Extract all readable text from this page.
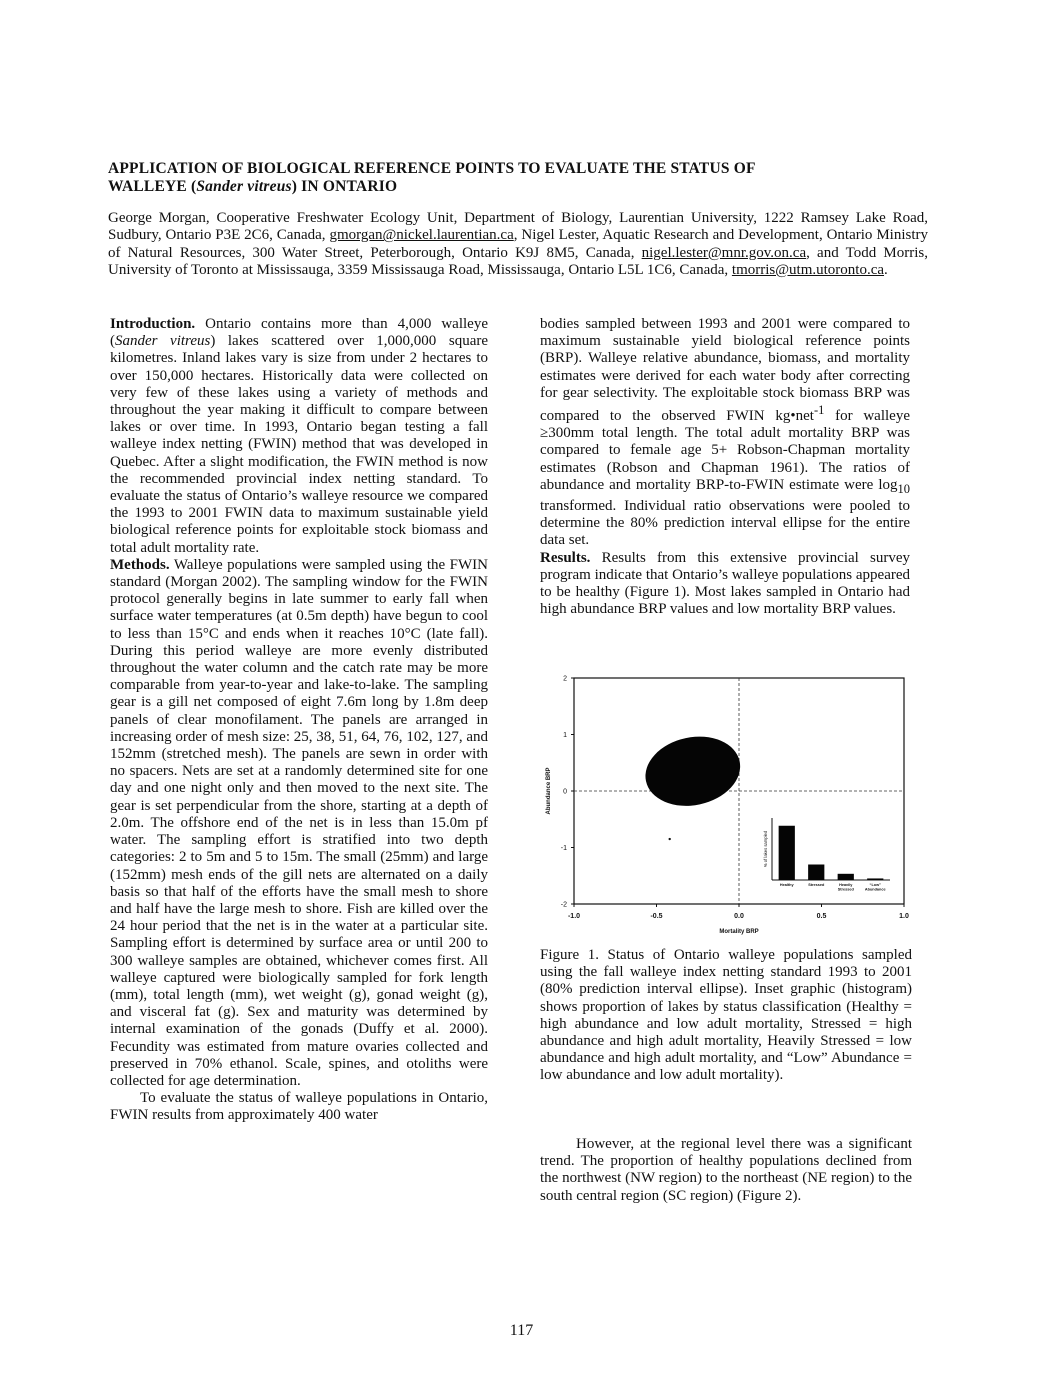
APPLICATION OF BIOLOGICAL REFERENCE POINTS TO EVALUATE THE STATUS OF
WALLEYE (Sander vitreus) IN ONTARIO

George Morgan, Cooperative Freshwater Ecology Unit, Department of Biology, Laurentian University, 1222 Ramsey Lake Road, Sudbury, Ontario P3E 2C6, Canada, gmorgan@nickel.laurentian.ca, Nigel Lester, Aquatic Research and Development, Ontario Ministry of Natural Resources, 300 Water Street, Peterborough, Ontario K9J 8M5, Canada, nigel.lester@mnr.gov.on.ca, and Todd Morris, University of Toronto at Mississauga, 3359 Mississauga Road, Mississauga, Ontario L5L 1C6, Canada, tmorris@utm.utoronto.ca.

Introduction. Ontario contains more than 4,000 walleye (Sander vitreus) lakes scattered over 1,000,000 square kilometres. Inland lakes vary is size from under 2 hectares to over 150,000 hectares. Historically data were collected on very few of these lakes using a variety of methods and throughout the year making it difficult to compare between lakes or over time. In 1993, Ontario began testing a fall walleye index netting (FWIN) method that was developed in Quebec. After a slight modification, the FWIN method is now the recommended provincial index netting standard. To evaluate the status of Ontario’s walleye resource we compared the 1993 to 2001 FWIN data to maximum sustainable yield biological reference points for exploitable stock biomass and total adult mortality rate.

Methods. Walleye populations were sampled using the FWIN standard (Morgan 2002). The sampling window for the FWIN protocol generally begins in late summer to early fall when surface water temperatures (at 0.5m depth) have begun to cool to less than 15°C and ends when it reaches 10°C (late fall). During this period walleye are more evenly distributed throughout the water column and the catch rate may be more comparable from year-to-year and lake-to-lake. The sampling gear is a gill net composed of eight 7.6m long by 1.8m deep panels of clear monofilament. The panels are arranged in increasing order of mesh size: 25, 38, 51, 64, 76, 102, 127, and 152mm (stretched mesh). The panels are sewn in order with no spacers. Nets are set at a randomly determined site for one day and one night only and then moved to the next site. The gear is set perpendicular from the shore, starting at a depth of 2.0m. The offshore end of the net is in less than 15.0m pf water. The sampling effort is stratified into two depth categories: 2 to 5m and 5 to 15m. The small (25mm) and large (152mm) mesh ends of the gill nets are alternated on a daily basis so that half of the efforts have the small mesh to shore and half have the large mesh to shore. Fish are killed over the 24 hour period that the net is in the water at a particular site. Sampling effort is determined by surface area or until 200 to 300 walleye samples are obtained, whichever comes first. All walleye captured were biologically sampled for fork length (mm), total length (mm), wet weight (g), gonad weight (g), and visceral fat (g). Sex and maturity was determined by internal examination of the gonads (Duffy et al. 2000). Fecundity was estimated from mature ovaries collected and preserved in 70% ethanol. Scale, spines, and otoliths were collected for age determination.

To evaluate the status of walleye populations in Ontario, FWIN results from approximately 400 water

bodies sampled between 1993 and 2001 were compared to maximum sustainable yield biological reference points (BRP). Walleye relative abundance, biomass, and mortality estimates were derived for each water body after correcting for gear selectivity. The exploitable stock biomass BRP was compared to the observed FWIN kg•net$^{-1}$ for walleye ≥300mm total length. The total adult mortality BRP was compared to female age 5+ Robson-Chapman mortality estimates (Robson and Chapman 1961). The ratios of abundance and mortality BRP-to-FWIN estimate were $\log_{10}$ transformed. Individual ratio observations were pooled to determine the 80% prediction interval ellipse for the entire data set.

Results. Results from this extensive provincial survey program indicate that Ontario’s walleye populations appeared to be healthy (Figure 1). Most lakes sampled in Ontario had high abundance BRP values and low mortality BRP values.

2
1
0
-1
-2
-1.0	-0.5	0.0	0.5	1.0
Mortality BRP
Abundance BRP
% of lakes sampled
Healthy	Stressed	Heavily
Stressed
“Low”
Abundance

Figure 1. Status of Ontario walleye populations sampled using the fall walleye index netting standard 1993 to 2001 (80% prediction interval ellipse). Inset graphic (histogram) shows proportion of lakes by status classification (Healthy = high abundance and low adult mortality, Stressed = high abundance and high adult mortality, Heavily Stressed = low abundance and high adult mortality, and “Low” Abundance = low abundance and low adult mortality).

However, at the regional level there was a significant trend. The proportion of healthy populations declined from the northwest (NW region) to the northeast (NE region) to the south central region (SC region) (Figure 2).

117
